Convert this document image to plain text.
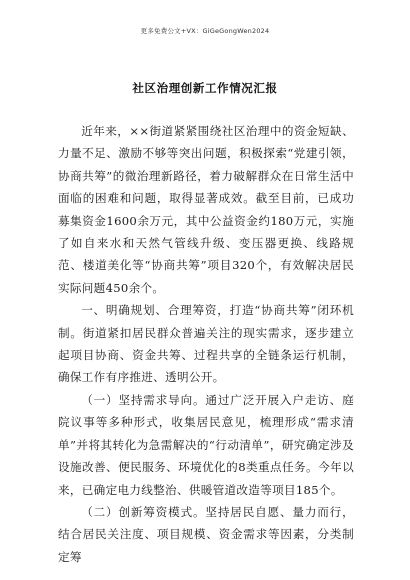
更多免费公文+VX：GiGeGongWen2024
社区治理创新工作情况汇报

近年来，××街道紧紧围绕社区治理中的资金短缺、力量不足、激励不够等突出问题，积极探索“党建引领，协商共筹”的微治理新路径，着力破解群众在日常生活中面临的困难和问题，取得显著成效。截至目前，已成功募集资金1600余万元，其中公益资金约180万元，实施了如自来水和天然气管线升级、变压器更换、线路规范、楼道美化等“协商共筹”项目320个，有效解决居民实际问题450余个。

一、明确规划、合理筹资，打造“协商共筹”闭环机制。街道紧扣居民群众普遍关注的现实需求，逐步建立起项目协商、资金共筹、过程共享的全链条运行机制，确保工作有序推进、透明公开。

（一）坚持需求导向。通过广泛开展入户走访、庭院议事等多种形式，收集居民意见，梳理形成“需求清单”并将其转化为急需解决的“行动清单”，研究确定涉及设施改善、便民服务、环境优化的8类重点任务。今年以来，已确定电力线整治、供暖管道改造等项目185个。

（二）创新筹资模式。坚持居民自愿、量力而行，结合居民关注度、项目规模、资金需求等因素，分类制定筹
